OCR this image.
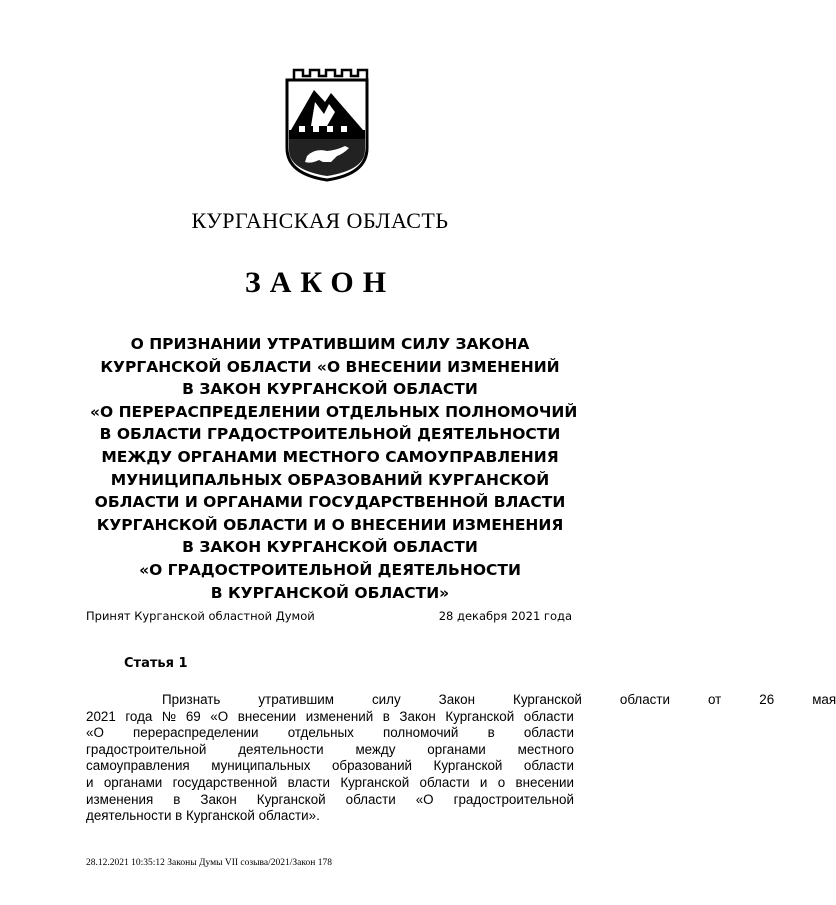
КУРГАНСКАЯ ОБЛАСТЬ
ЗАКОН
О ПРИЗНАНИИ УТРАТИВШИМ СИЛУ ЗАКОНА
КУРГАНСКОЙ ОБЛАСТИ «О ВНЕСЕНИИ ИЗМЕНЕНИЙ
В ЗАКОН КУРГАНСКОЙ ОБЛАСТИ
«О ПЕРЕРАСПРЕДЕЛЕНИИ ОТДЕЛЬНЫХ ПОЛНОМОЧИЙ
В ОБЛАСТИ ГРАДОСТРОИТЕЛЬНОЙ ДЕЯТЕЛЬНОСТИ
МЕЖДУ ОРГАНАМИ МЕСТНОГО САМОУПРАВЛЕНИЯ
МУНИЦИПАЛЬНЫХ ОБРАЗОВАНИЙ КУРГАНСКОЙ
ОБЛАСТИ И ОРГАНАМИ ГОСУДАРСТВЕННОЙ ВЛАСТИ
КУРГАНСКОЙ ОБЛАСТИ И О ВНЕСЕНИИ ИЗМЕНЕНИЯ
В ЗАКОН КУРГАНСКОЙ ОБЛАСТИ
«О ГРАДОСТРОИТЕЛЬНОЙ ДЕЯТЕЛЬНОСТИ
В КУРГАНСКОЙ ОБЛАСТИ»
Принят Курганской областной Думой	28 декабря 2021 года
Статья 1
Признать	утратившим	силу	Закон	Курганской	области	от	26	мая
2021 года № 69 «О внесении изменений в Закон Курганской области
«О перераспределении отдельных полномочий в области
градостроительной деятельности между органами местного
самоуправления муниципальных образований Курганской области
и органами государственной власти Курганской области и о внесении
изменения в Закон Курганской области «О градостроительной
деятельности в Курганской области».
28.12.2021 10:35:12 Законы Думы VII созыва/2021/Закон 178
